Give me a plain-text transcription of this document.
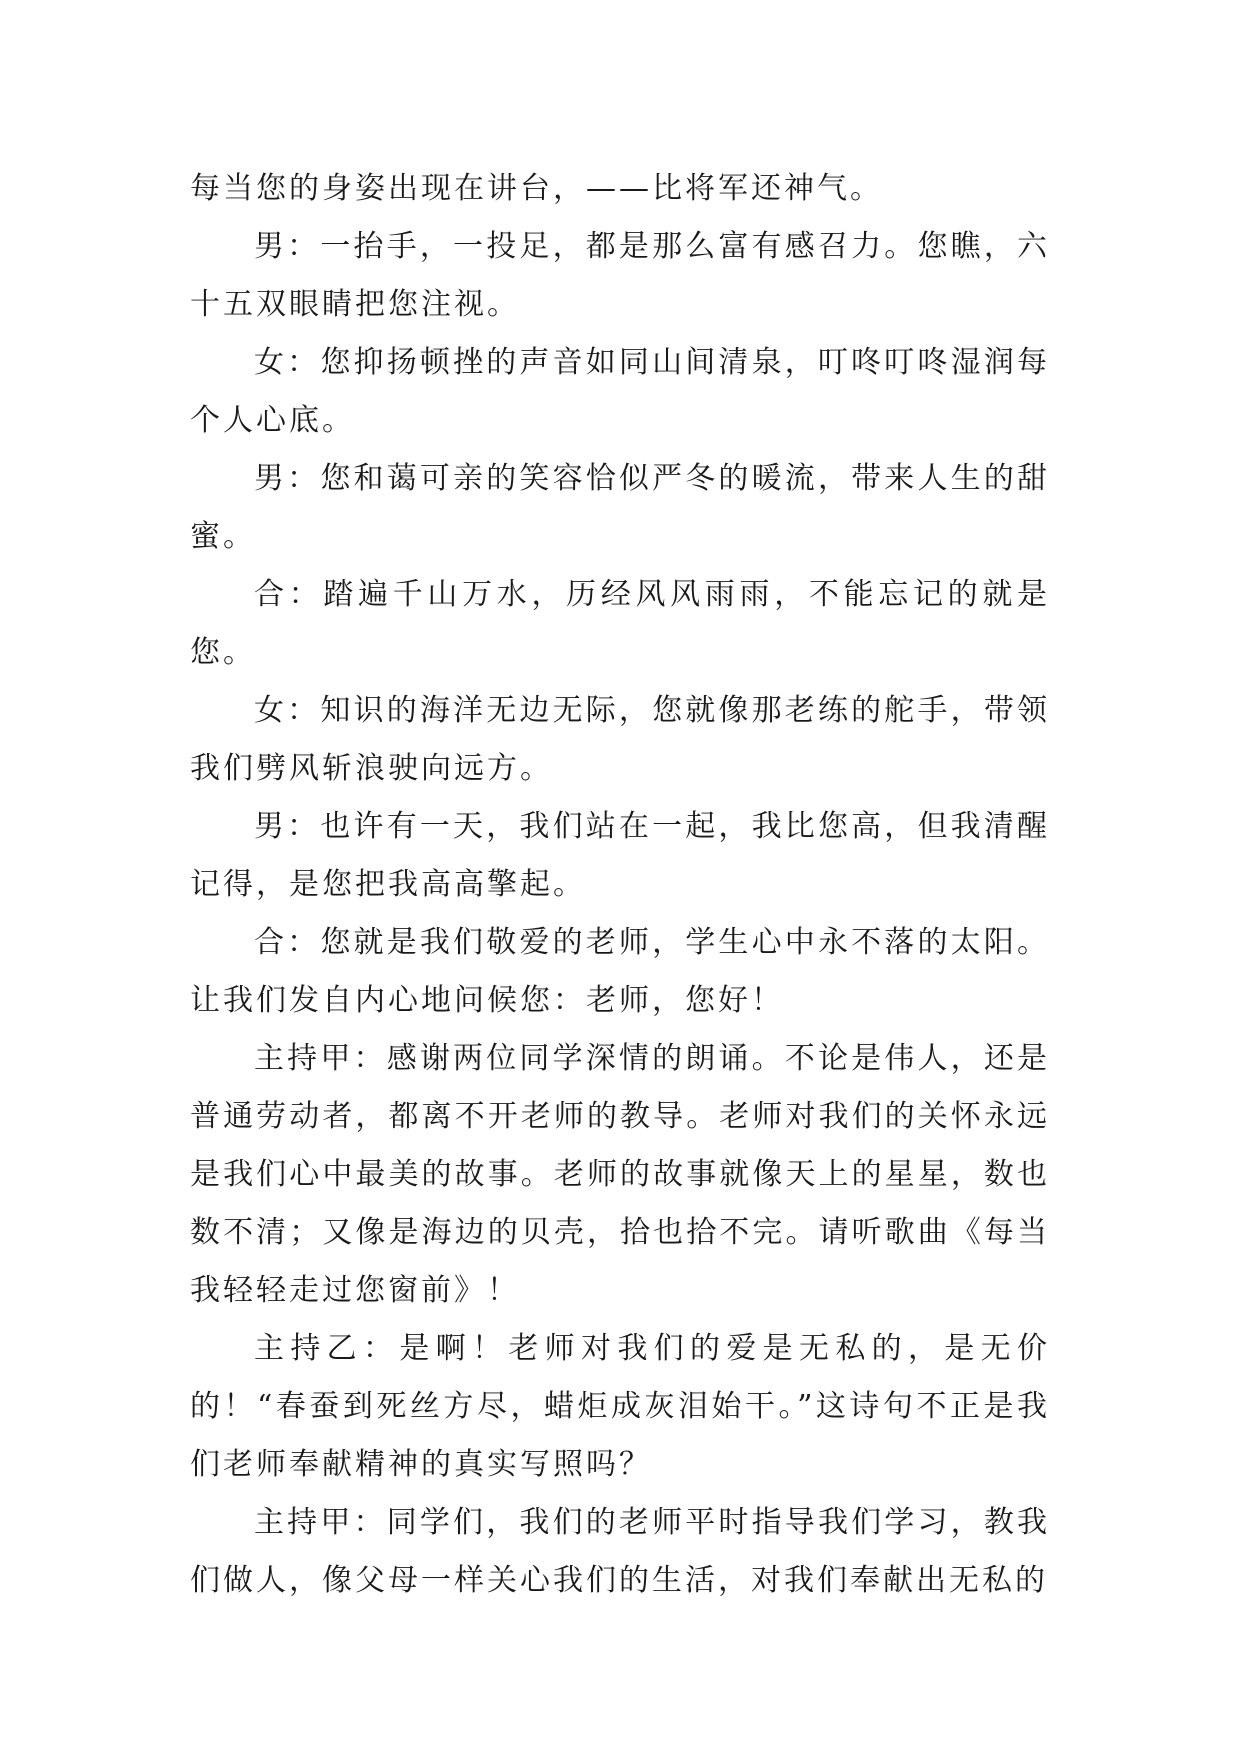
每当您的身姿出现在讲台，——比将军还神气。

男：一抬手，一投足，都是那么富有感召力。您瞧，六十五双眼睛把您注视。

女：您抑扬顿挫的声音如同山间清泉，叮咚叮咚湿润每个人心底。

男：您和蔼可亲的笑容恰似严冬的暖流，带来人生的甜蜜。

合：踏遍千山万水，历经风风雨雨，不能忘记的就是您。

女：知识的海洋无边无际，您就像那老练的舵手，带领我们劈风斩浪驶向远方。

男：也许有一天，我们站在一起，我比您高，但我清醒记得，是您把我高高擎起。

合：您就是我们敬爱的老师，学生心中永不落的太阳。让我们发自内心地问候您：老师，您好！

主持甲：感谢两位同学深情的朗诵。不论是伟人，还是普通劳动者，都离不开老师的教导。老师对我们的关怀永远是我们心中最美的故事。老师的故事就像天上的星星，数也数不清；又像是海边的贝壳，拾也拾不完。请听歌曲《每当我轻轻走过您窗前》！

主持乙：是啊！老师对我们的爱是无私的，是无价的！“春蚕到死丝方尽，蜡炬成灰泪始干。”这诗句不正是我们老师奉献精神的真实写照吗？

主持甲：同学们，我们的老师平时指导我们学习，教我们做人，像父母一样关心我们的生活，对我们奉献出无私的
